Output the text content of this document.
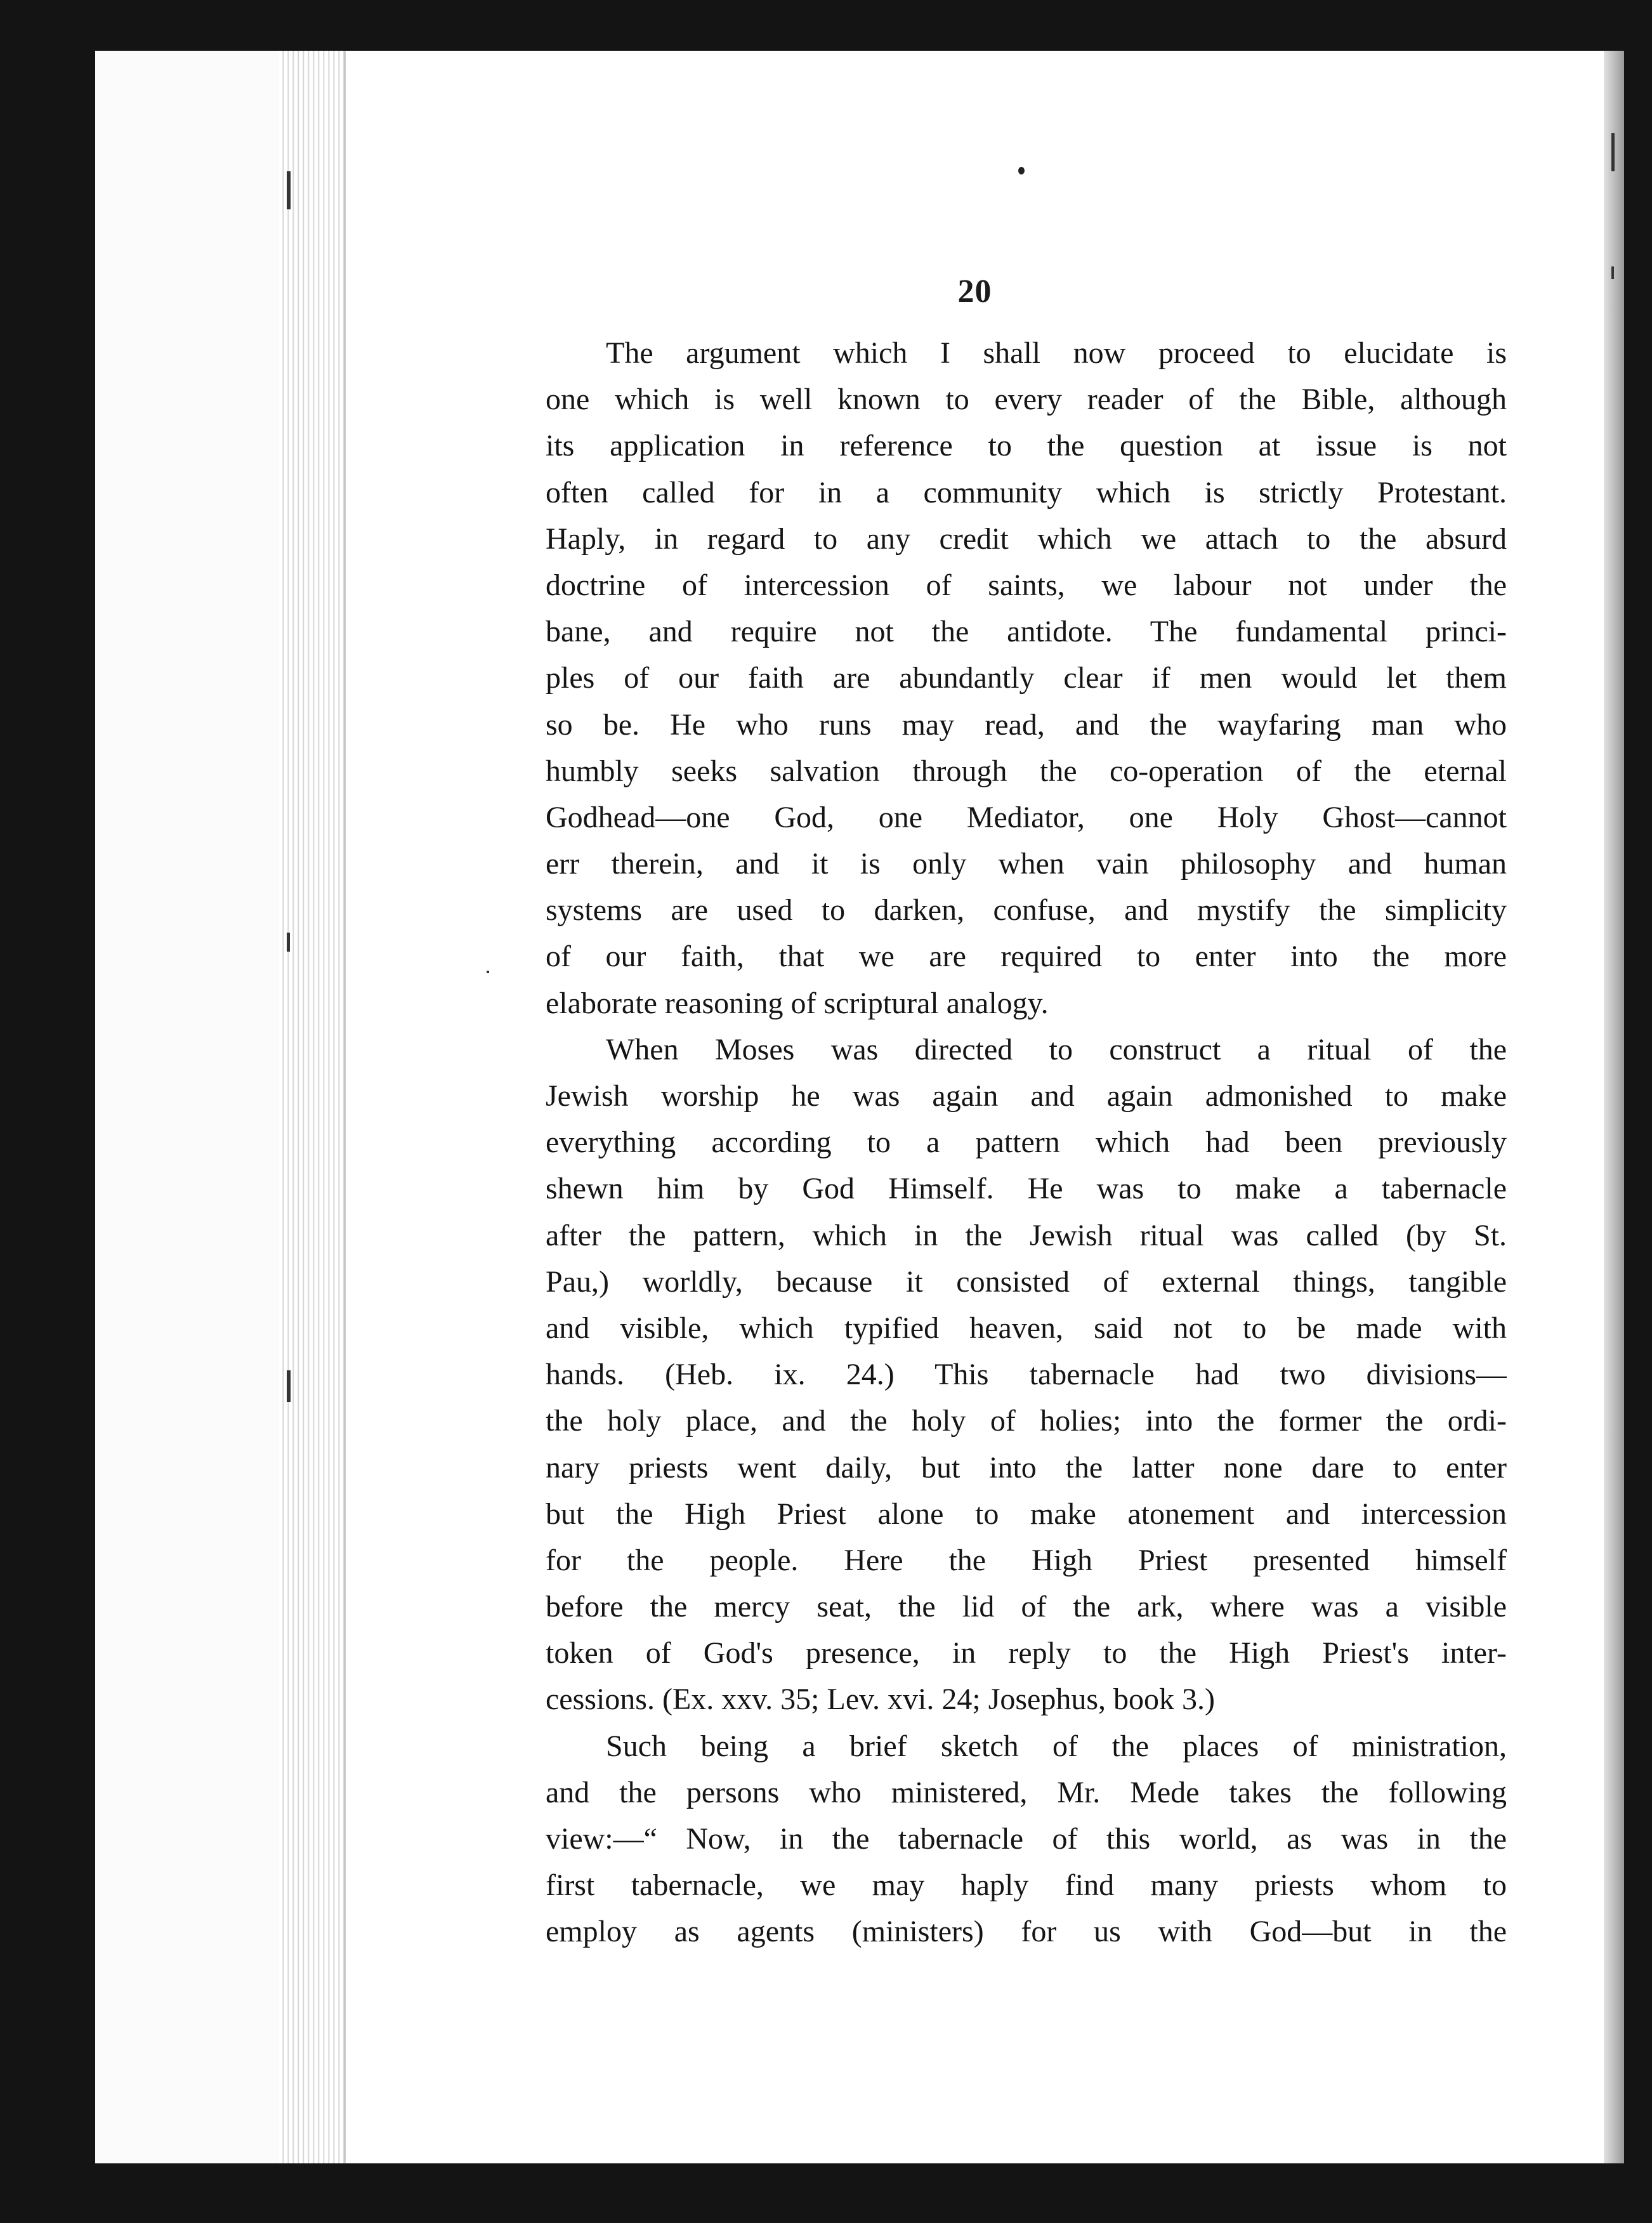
20
The argument which I shall now proceed to elucidate is
one which is well known to every reader of the Bible, although
its application in reference to the question at issue is not
often called for in a community which is strictly Protestant.
Haply, in regard to any credit which we attach to the absurd
doctrine of intercession of saints, we labour not under the
bane, and require not the antidote. The fundamental princi-
ples of our faith are abundantly clear if men would let them
so be. He who runs may read, and the wayfaring man who
humbly seeks salvation through the co-operation of the eternal
Godhead—one God, one Mediator, one Holy Ghost—cannot
err therein, and it is only when vain philosophy and human
systems are used to darken, confuse, and mystify the simplicity
of our faith, that we are required to enter into the more
elaborate reasoning of scriptural analogy.
When Moses was directed to construct a ritual of the
Jewish worship he was again and again admonished to make
everything according to a pattern which had been previously
shewn him by God Himself. He was to make a tabernacle
after the pattern, which in the Jewish ritual was called (by St.
Pau,) worldly, because it consisted of external things, tangible
and visible, which typified heaven, said not to be made with
hands. (Heb. ix. 24.) This tabernacle had two divisions—
the holy place, and the holy of holies; into the former the ordi-
nary priests went daily, but into the latter none dare to enter
but the High Priest alone to make atonement and intercession
for the people. Here the High Priest presented himself
before the mercy seat, the lid of the ark, where was a visible
token of God's presence, in reply to the High Priest's inter-
cessions. (Ex. xxv. 35; Lev. xvi. 24; Josephus, book 3.)
Such being a brief sketch of the places of ministration,
and the persons who ministered, Mr. Mede takes the following
view:—“ Now, in the tabernacle of this world, as was in the
first tabernacle, we may haply find many priests whom to
employ as agents (ministers) for us with God—but in the
